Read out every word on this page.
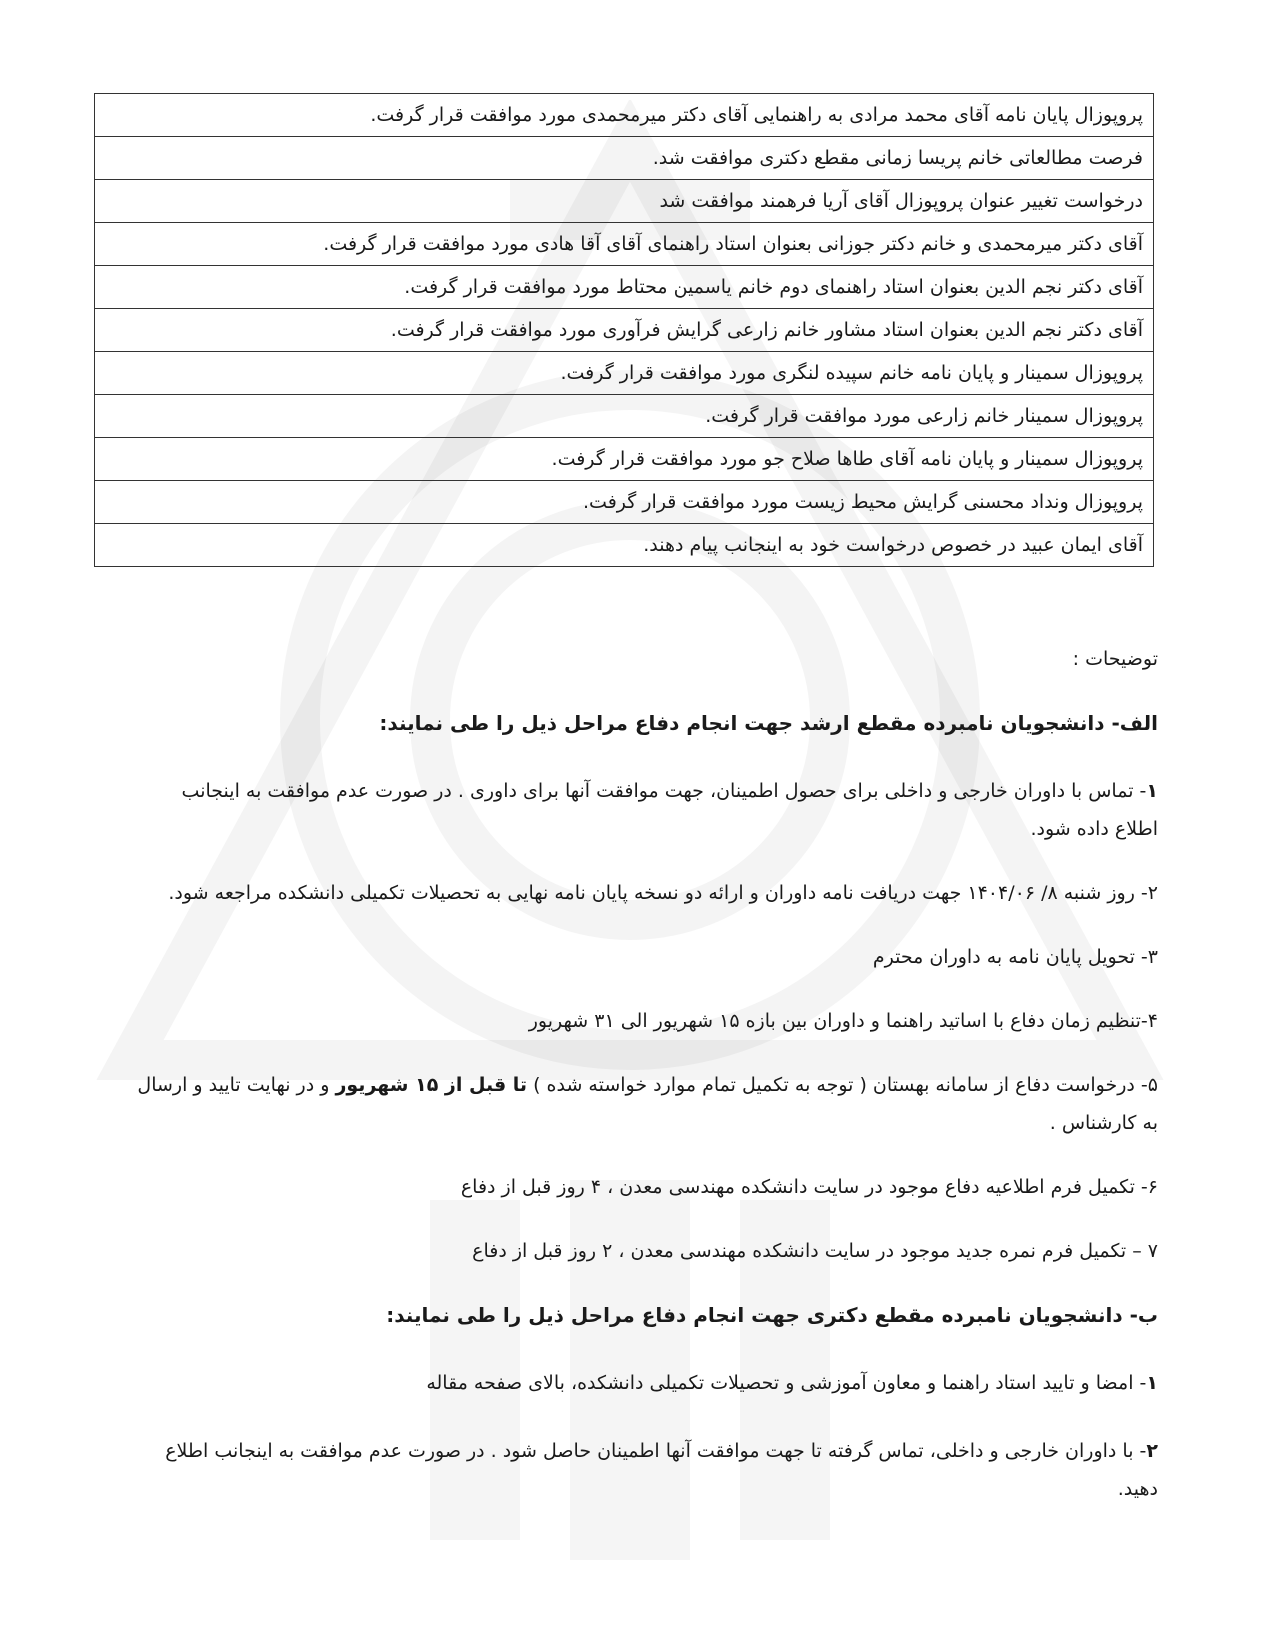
پروپوزال پایان نامه آقای محمد مرادی به راهنمایی آقای دکتر میرمحمدی مورد موافقت قرار گرفت.
فرصت مطالعاتی خانم پریسا زمانی مقطع دکتری موافقت شد.
درخواست تغییر عنوان پروپوزال آقای آریا فرهمند موافقت شد
آقای دکتر میرمحمدی و خانم دکتر جوزانی بعنوان استاد راهنمای آقای آقا هادی مورد موافقت قرار گرفت.
آقای دکتر نجم الدین بعنوان استاد راهنمای دوم خانم یاسمین محتاط مورد موافقت قرار گرفت.
آقای دکتر نجم الدین بعنوان استاد مشاور خانم زارعی گرایش فرآوری مورد موافقت قرار گرفت.
پروپوزال سمینار و پایان نامه خانم سپیده لنگری مورد موافقت قرار گرفت.
پروپوزال سمینار خانم زارعی مورد موافقت قرار گرفت.
پروپوزال سمینار و پایان نامه آقای طاها صلاح جو مورد موافقت قرار گرفت.
پروپوزال ونداد محسنی گرایش محیط زیست مورد موافقت قرار گرفت.
آقای ایمان عبید در خصوص درخواست خود به اینجانب پیام دهند.

توضیحات :

الف- دانشجویان نامبرده مقطع ارشد جهت انجام دفاع مراحل ذیل را طی نمایند:

۱- تماس با داوران خارجی و داخلی برای حصول اطمینان، جهت موافقت آنها برای داوری . در صورت عدم موافقت به اینجانب

اطلاع داده شود.

۲- روز شنبه ۸/ ۱۴۰۴/۰۶ جهت دریافت نامه داوران و ارائه دو نسخه پایان نامه نهایی به تحصیلات تکمیلی دانشکده مراجعه شود.

۳- تحویل پایان نامه به داوران محترم

۴-تنظیم زمان دفاع با اساتید راهنما و داوران بین بازه ۱۵ شهریور الی ۳۱ شهریور

۵- درخواست دفاع از سامانه بهستان ( توجه به تکمیل تمام موارد خواسته شده ) تا قبل از ۱۵ شهریور و در نهایت تایید و ارسال

به کارشناس .

۶- تکمیل فرم اطلاعیه دفاع موجود در سایت دانشکده مهندسی معدن ، ۴ روز قبل از دفاع

۷ – تکمیل فرم نمره جدید موجود در سایت دانشکده مهندسی معدن ، ۲ روز قبل از دفاع

ب- دانشجویان نامبرده مقطع دکتری جهت انجام دفاع مراحل ذیل را طی نمایند:

۱- امضا و تایید استاد راهنما و معاون آموزشی و تحصیلات تکمیلی دانشکده، بالای صفحه مقاله

۲- با داوران خارجی و داخلی، تماس گرفته تا جهت موافقت آنها اطمینان حاصل شود . در صورت عدم موافقت به اینجانب اطلاع

دهید.
